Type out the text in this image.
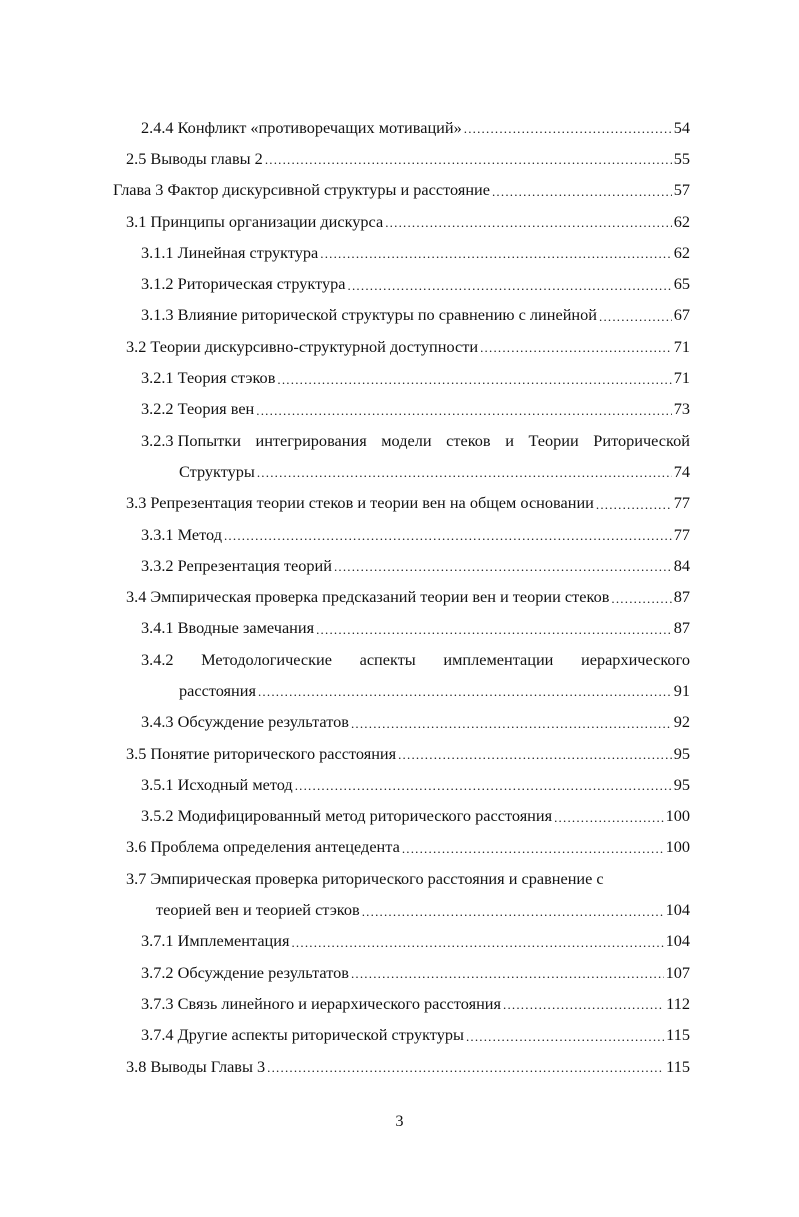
2.4.4 Конфликт «противоречащих мотиваций» .....	54
2.5 Выводы главы 2 .....	55
Глава 3 Фактор дискурсивной структуры и расстояние .....	57
3.1 Принципы организации дискурса .....	62
3.1.1 Линейная структура .....	62
3.1.2 Риторическая структура .....	65
3.1.3 Влияние риторической структуры по сравнению с линейной .....	67
3.2 Теории дискурсивно-структурной доступности .....	71
3.2.1 Теория стэков .....	71
3.2.2 Теория вен .....	73
3.2.3 Попытки интегрирования модели стеков и Теории Риторической
Структуры .....	74
3.3 Репрезентация теории стеков и теории вен на общем основании .....	77
3.3.1 Метод .....	77
3.3.2 Репрезентация теорий .....	84
3.4 Эмпирическая проверка предсказаний теории вен и теории стеков .....	87
3.4.1 Вводные замечания .....	87
3.4.2 Методологические аспекты имплементации иерархического
расстояния .....	91
3.4.3 Обсуждение результатов .....	92
3.5 Понятие риторического расстояния .....	95
3.5.1 Исходный метод .....	95
3.5.2 Модифицированный метод риторического расстояния .....	100
3.6 Проблема определения антецедента .....	100
3.7 Эмпирическая проверка риторического расстояния и сравнение с
теорией вен и теорией стэков .....	104
3.7.1 Имплементация .....	104
3.7.2 Обсуждение результатов .....	107
3.7.3 Связь линейного и иерархического расстояния .....	112
3.7.4 Другие аспекты риторической структуры .....	115
3.8 Выводы Главы 3 .....	115
3
